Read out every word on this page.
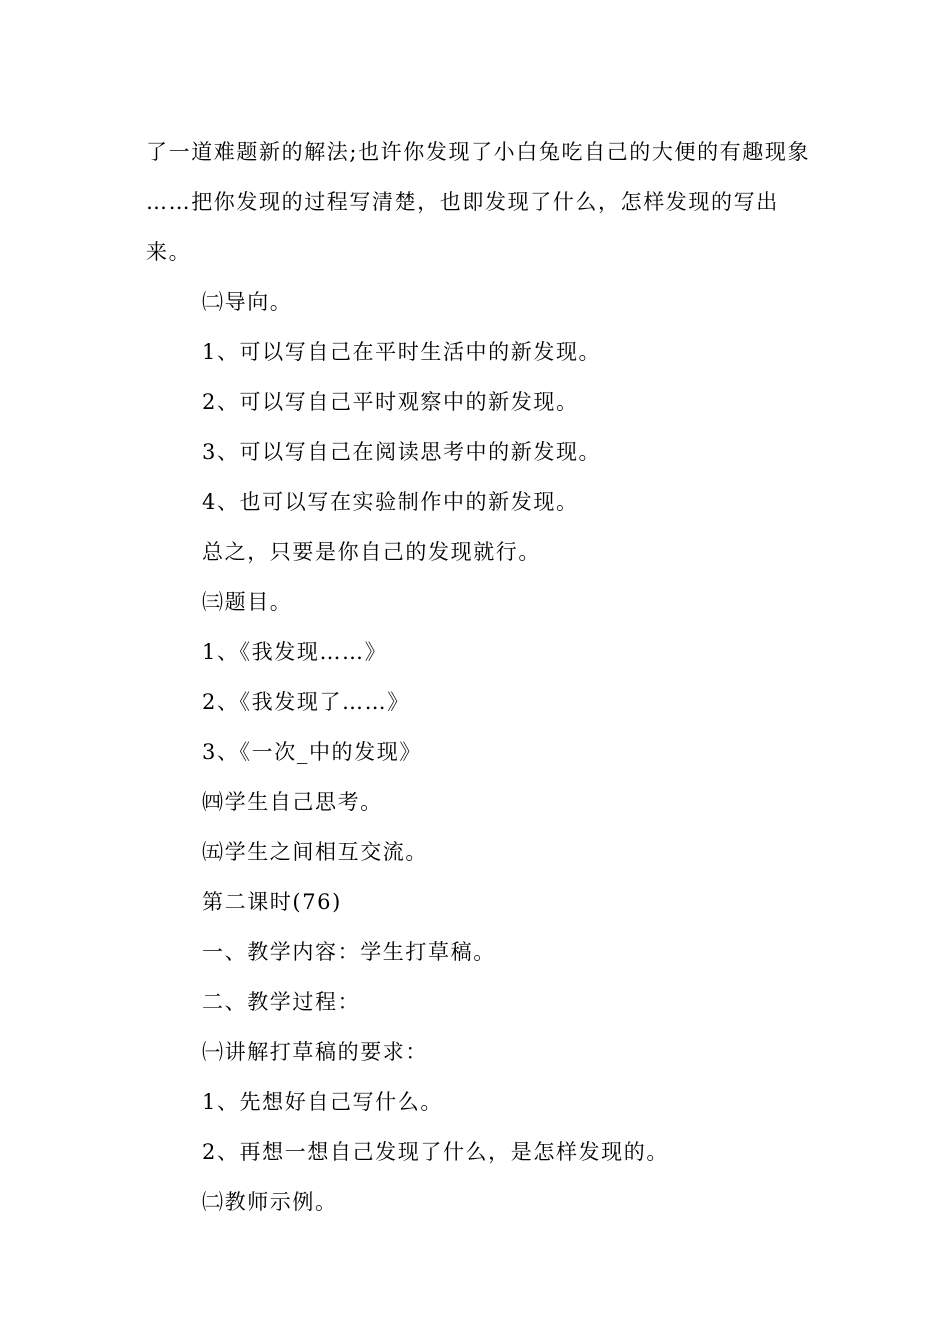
了一道难题新的解法;也许你发现了小白兔吃自己的大便的有趣现象
……把你发现的过程写清楚，也即发现了什么，怎样发现的写出
来。
㈡导向。
1、可以写自己在平时生活中的新发现。
2、可以写自己平时观察中的新发现。
3、可以写自己在阅读思考中的新发现。
4、也可以写在实验制作中的新发现。
总之，只要是你自己的发现就行。
㈢题目。
1、《我发现……》
2、《我发现了……》
3、《一次_中的发现》
㈣学生自己思考。
㈤学生之间相互交流。
第二课时(76)
一、教学内容：学生打草稿。
二、教学过程：
㈠讲解打草稿的要求：
1、先想好自己写什么。
2、再想一想自己发现了什么，是怎样发现的。
㈡教师示例。
